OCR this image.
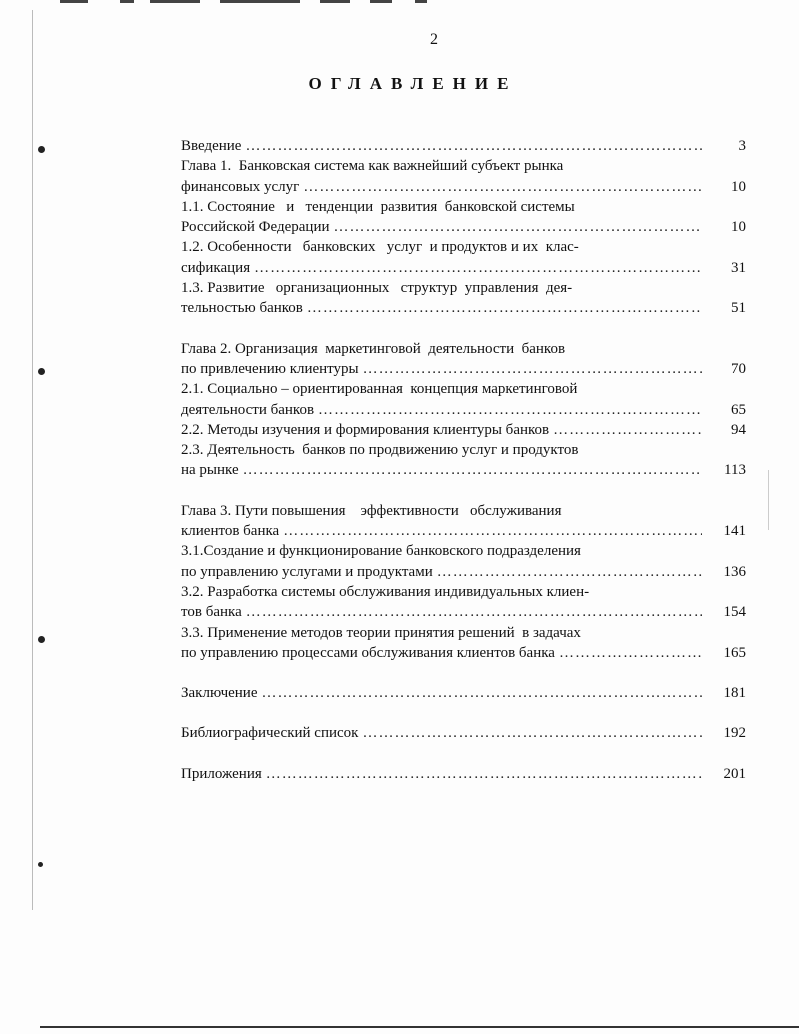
2
ОГЛАВЛЕНИЕ
Введение ………………………………………………………………………………………………………………………………………………………	3
Глава 1.  Банковская система как важнейший субъект рынка
финансовых услуг ………………………………………………………………………………………………………………………………………………………	10
1.1. Состояние   и   тенденции  развития  банковской системы
Российской Федерации ………………………………………………………………………………………………………………………………………………………	10
1.2. Особенности   банковских   услуг  и продуктов и их  клас-
сификация ………………………………………………………………………………………………………………………………………………………	31
1.3. Развитие   организационных   структур  управления  дея-
тельностью банков ………………………………………………………………………………………………………………………………………………………	51
Глава 2. Организация  маркетинговой  деятельности  банков
по привлечению клиентуры ………………………………………………………………………………………………………………………………………………………	70
2.1. Социально – ориентированная  концепция маркетинговой
деятельности банков ………………………………………………………………………………………………………………………………………………………	65
2.2. Методы изучения и формирования клиентуры банков ………………………………………………………………………………………………………………………………………………………	94
2.3. Деятельность  банков по продвижению услуг и продуктов
на рынке ………………………………………………………………………………………………………………………………………………………	113
Глава 3. Пути повышения    эффективности   обслуживания
клиентов банка ………………………………………………………………………………………………………………………………………………………	141
3.1.Создание и функционирование банковского подразделения
по управлению услугами и продуктами ………………………………………………………………………………………………………………………………………………………	136
3.2. Разработка системы обслуживания индивидуальных клиен-
тов банка ………………………………………………………………………………………………………………………………………………………	154
3.3. Применение методов теории принятия решений  в задачах
по управлению процессами обслуживания клиентов банка ………………………………………………………………………………………………………………………………………………………	165
Заключение ………………………………………………………………………………………………………………………………………………………	181
Библиографический список ………………………………………………………………………………………………………………………………………………………	192
Приложения ………………………………………………………………………………………………………………………………………………………	201
